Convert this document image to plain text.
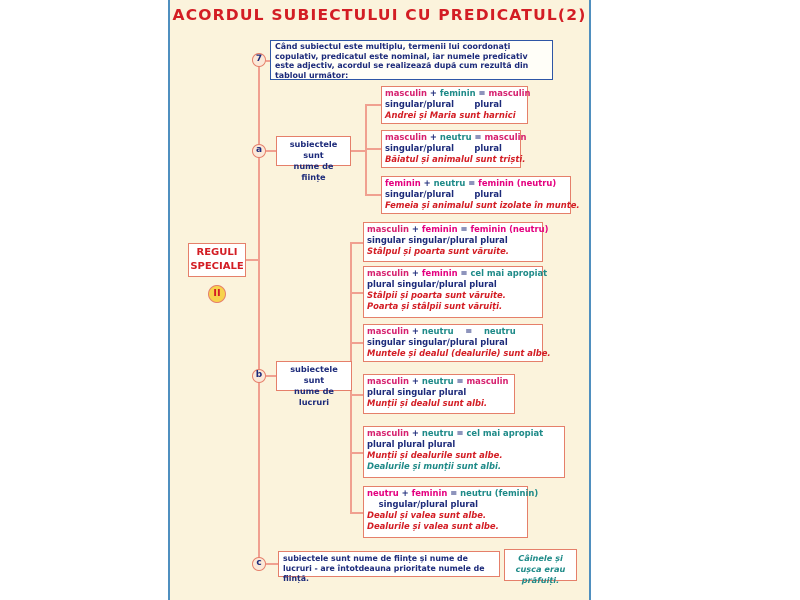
ACORDUL SUBIECTULUI CU PREDICATUL(2)
7
Când subiectul este multiplu, termenii lui coordonați copulativ, predicatul este nominal, iar numele predicativ este adjectiv, acordul se realizează după cum rezultă din tabloul următor:
REGULI
SPECIALE
II
a
subiectele sunt
nume de ființe
masculin + feminin = masculin
singular/plural plural
Andrei și Maria sunt harnici
masculin + neutru = masculin
singular/plural plural
Băiatul și animalul sunt triști.
feminin + neutru = feminin (neutru)
singular/plural plural
Femeia și animalul sunt izolate în munte.
b
subiectele sunt
nume de lucruri
masculin + feminin = feminin (neutru)
singular singular/plural plural
Stâlpul și poarta sunt văruite.
masculin + feminin = cel mai apropiat
plural singular/plural plural
Stâlpii și poarta sunt văruite.
Poarta și stâlpii sunt văruiți.
masculin + neutru = neutru
singular singular/plural plural
Muntele și dealul (dealurile) sunt albe.
masculin + neutru = masculin
plural singular plural
Munții și dealul sunt albi.
masculin + neutru = cel mai apropiat
plural plural plural
Munții și dealurile sunt albe.
Dealurile și munții sunt albi.
neutru + feminin = neutru (feminin)
singular/plural plural
Dealul și valea sunt albe.
Dealurile și valea sunt albe.
c	subiectele sunt nume de ființe și nume de lucruri - are întotdeauna prioritate numele de ființă.
Câinele și cușca erau prăfuiți.
